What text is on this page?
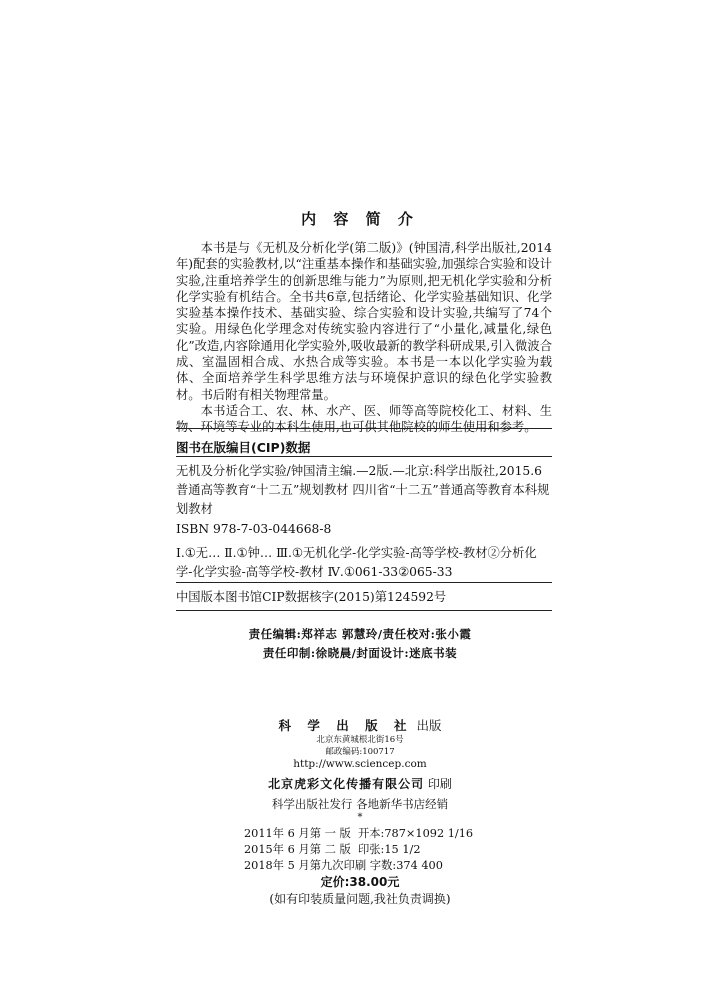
内 容 简 介

本书是与《无机及分析化学(第二版)》(钟国清,科学出版社,2014年)配套的实验教材,以“注重基本操作和基础实验,加强综合实验和设计实验,注重培养学生的创新思维与能力”为原则,把无机化学实验和分析化学实验有机结合。全书共6章,包括绪论、化学实验基础知识、化学实验基本操作技术、基础实验、综合实验和设计实验,共编写了74个实验。用绿色化学理念对传统实验内容进行了“小量化,减量化,绿色化”改造,内容除通用化学实验外,吸收最新的教学科研成果,引入微波合成、室温固相合成、水热合成等实验。本书是一本以化学实验为载体、全面培养学生科学思维方法与环境保护意识的绿色化学实验教材。书后附有相关物理常量。

本书适合工、农、林、水产、医、师等高等院校化工、材料、生物、环境等专业的本科生使用,也可供其他院校的师生使用和参考。

图书在版编目(CIP)数据

无机及分析化学实验/钟国清主编.—2版.—北京:科学出版社,2015.6

普通高等教育“十二五”规划教材 四川省“十二五”普通高等教育本科规划教材

ISBN 978-7-03-044668-8
Ⅰ.①无… Ⅱ.①钟… Ⅲ.①无机化学-化学实验-高等学校-教材②分析化学-化学实验-高等学校-教材 Ⅳ.①061-33②065-33
中国版本图书馆CIP数据核字(2015)第124592号
责任编辑:郑祥志 郭慧玲/责任校对:张小霞
责任印制:徐晓晨/封面设计:迷底书装
科 学 出 版 社 出版
北京东黄城根北街16号
邮政编码:100717
http://www.sciencep.com
北京虎彩文化传播有限公司 印刷
科学出版社发行 各地新华书店经销
*
2011年 6 月第 一 版  开本:787×1092 1/16
2015年 6 月第 二 版  印张:15 1/2
2018年 5 月第九次印刷 字数:374 400
定价:38.00元
(如有印装质量问题,我社负责调换)
